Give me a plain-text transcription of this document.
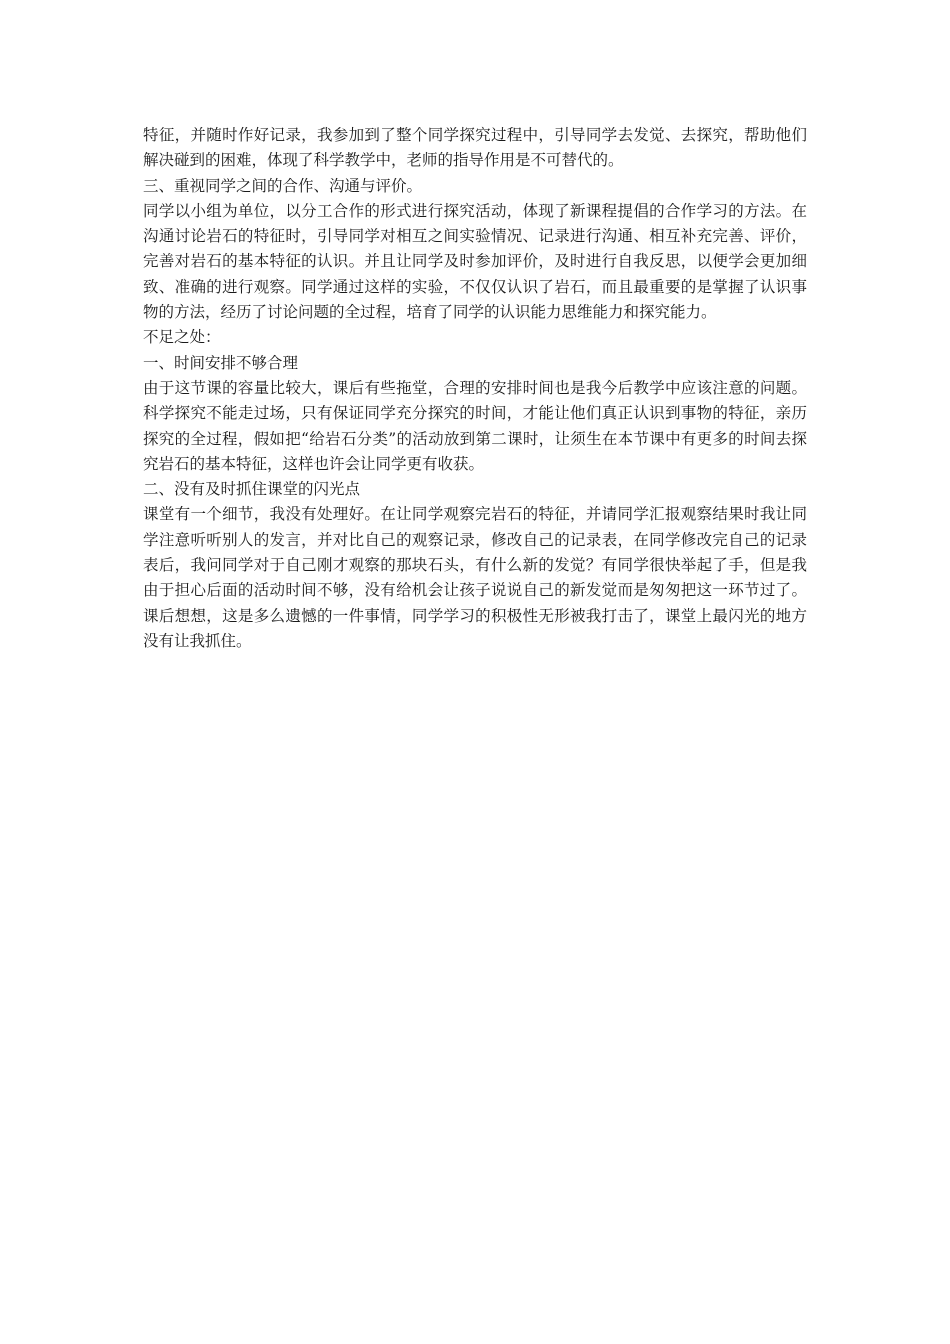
特征，并随时作好记录，我参加到了整个同学探究过程中，引导同学去发觉、去探究，帮助他们解决碰到的困难，体现了科学教学中，老师的指导作用是不可替代的。

三、重视同学之间的合作、沟通与评价。

同学以小组为单位，以分工合作的形式进行探究活动，体现了新课程提倡的合作学习的方法。在沟通讨论岩石的特征时，引导同学对相互之间实验情况、记录进行沟通、相互补充完善、评价，完善对岩石的基本特征的认识。并且让同学及时参加评价，及时进行自我反思，以便学会更加细致、准确的进行观察。同学通过这样的实验，不仅仅认识了岩石，而且最重要的是掌握了认识事物的方法，经历了讨论问题的全过程，培育了同学的认识能力思维能力和探究能力。

不足之处：

一、时间安排不够合理

由于这节课的容量比较大，课后有些拖堂，合理的安排时间也是我今后教学中应该注意的问题。科学探究不能走过场，只有保证同学充分探究的时间，才能让他们真正认识到事物的特征，亲历探究的全过程，假如把“给岩石分类”的活动放到第二课时，让须生在本节课中有更多的时间去探究岩石的基本特征，这样也许会让同学更有收获。

二、没有及时抓住课堂的闪光点

课堂有一个细节，我没有处理好。在让同学观察完岩石的特征，并请同学汇报观察结果时我让同学注意听听别人的发言，并对比自己的观察记录，修改自己的记录表，在同学修改完自己的记录表后，我问同学对于自己刚才观察的那块石头，有什么新的发觉？有同学很快举起了手，但是我由于担心后面的活动时间不够，没有给机会让孩子说说自己的新发觉而是匆匆把这一环节过了。课后想想，这是多么遗憾的一件事情，同学学习的积极性无形被我打击了，课堂上最闪光的地方没有让我抓住。
